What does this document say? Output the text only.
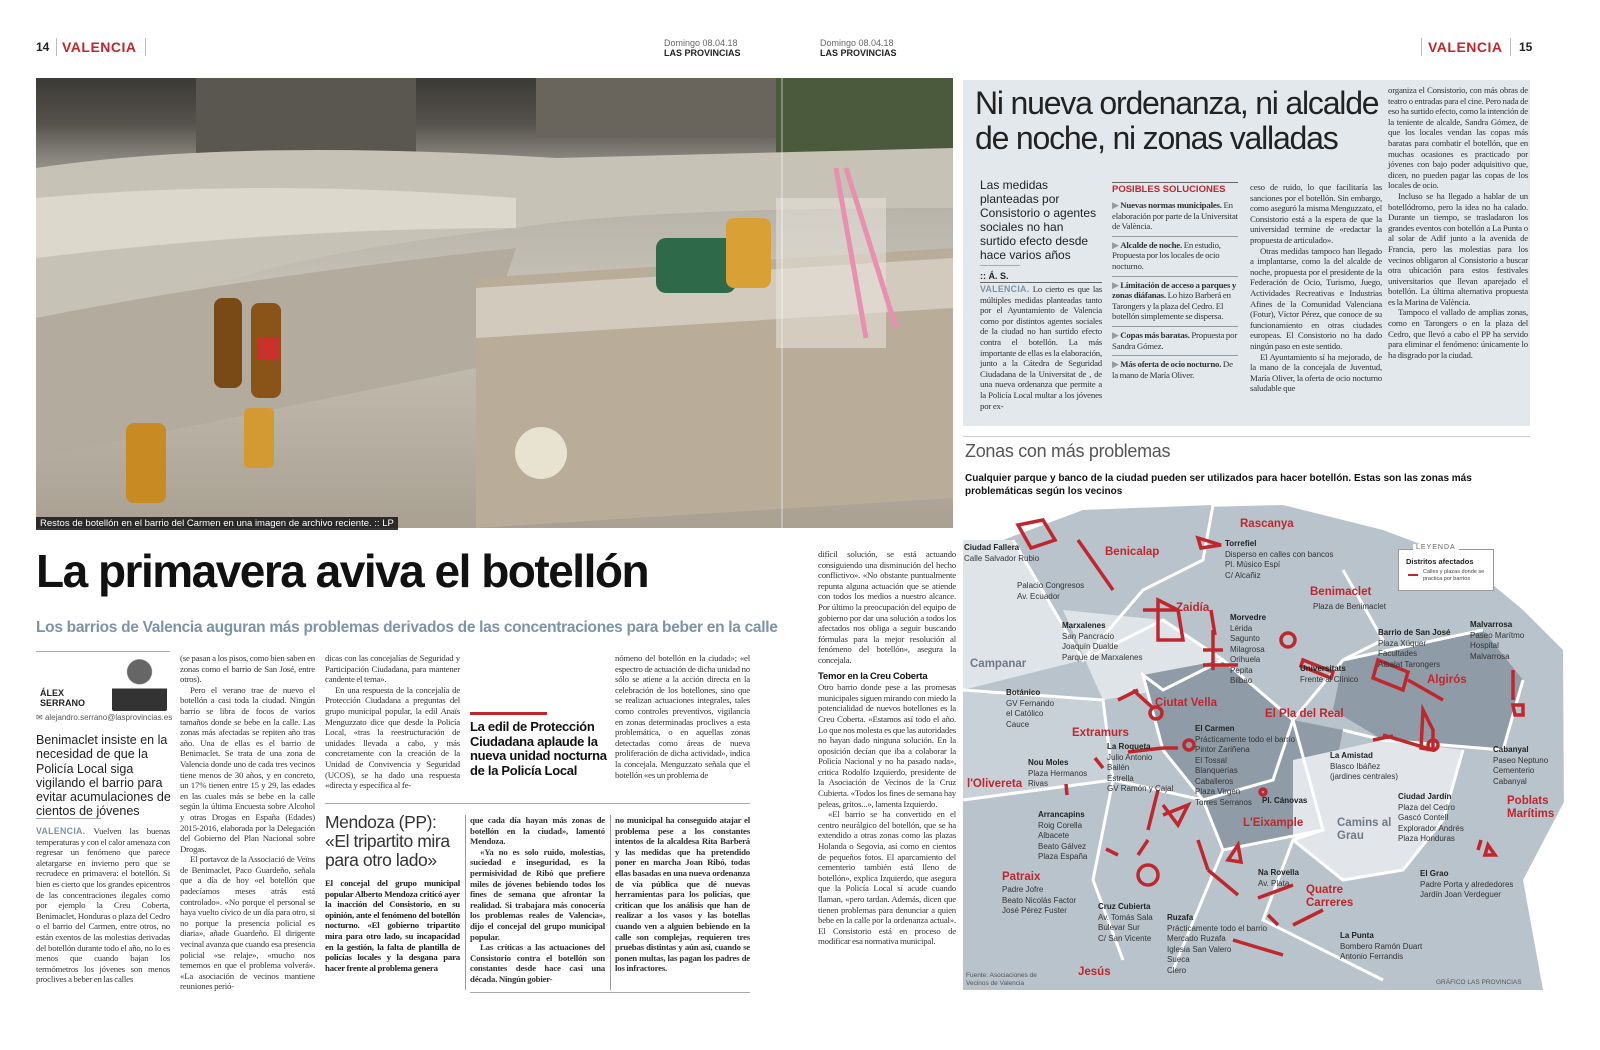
14 VALENCIA	Domingo 08.04.18
LAS PROVINCIAS
Domingo 08.04.18
LAS PROVINCIAS	VALENCIA 15
Restos de botellón en el barrio del Carmen en una imagen de archivo reciente. :: LP
La primavera aviva el botellón
Los barrios de Valencia auguran más problemas derivados de las concentraciones para beber en la calle
ÁLEX
SERRANO
✉ alejandro.serrano@lasprovincias.es
Benimaclet insiste en la necesidad de que la Policía Local siga vigilando el barrio para evitar acumulaciones de cientos de jóvenes

VALENCIA. Vuelven las buenas temperaturas y con el calor amenaza con regresar un fenómeno que parece aletargarse en invierno pero que se recrudece en primavera: el botellón. Si bien es cierto que los grandes epicentros de las concentraciones ilegales como por ejemplo la Creu Coberta, Benimaclet, Honduras o plaza del Cedro o el barrio del Carmen, entre otros, no están exentos de las molestias derivadas del botellón durante todo el año, no lo es menos que cuando bajan los termómetros los jóvenes son menos proclives a beber en las calles

(se pasan a los pisos, como bien saben en zonas como el barrio de San José, entre otros).

Pero el verano trae de nuevo el botellón a casi toda la ciudad. Ningún barrio se libra de focos de varios tamaños donde se bebe en la calle. Las zonas más afectadas se repiten año tras año. Una de ellas es el barrio de Benimaclet. Se trata de una zona de Valencia donde uno de cada tres vecinos tiene menos de 30 años, y en concreto, un 17% tienen entre 15 y 29, las edades en las cuales más se bebe en la calle según la última Encuesta sobre Alcohol y otras Drogas en España (Edades) 2015-2016, elaborada por la Delegación del Gobierno del Plan Nacional sobre Drogas.

El portavoz de la Associació de Veïns de Benimaclet, Paco Guardeño, señala que a día de hoy «el botellón que padecíamos meses atrás está controlado». «No porque el personal se haya vuelto cívico de un día para otro, si no porque la presencia policial es diaria», añade Guardeño. El dirigente vecinal avanza que cuando esa presencia policial «se relaje», «mucho nos tememos en que el problema volverá». «La asociación de vecinos mantiene reuniones perió-

dicas con las concejalías de Seguridad y Participación Ciudadana, para mantener candente el tema».

En una respuesta de la concejalía de Protección Ciudadana a preguntas del grupo municipal popular, la edil Anaïs Menguzzato dice que desde la Policía Local, «tras la reestructuración de unidades llevada a cabo, y más concretamente con la creación de la Unidad de Convivencia y Seguridad (UCOS), se ha dado una respuesta «directa y específica al fe-

La edil de Protección Ciudadana aplaude la nueva unidad nocturna de la Policía Local

nómeno del botellón en la ciudad»; «el espectro de actuación de dicha unidad no sólo se atiene a la acción directa en la celebración de los botellones, sino que se realizan actuaciones integrales, tales como controles preventivos, vigilancia en zonas determinadas proclives a esta problemática, o en aquellas zonas detectadas como áreas de nueva proliferación de dicha actividad», indica la concejala. Menguzzato señala que el botellón «es un problema de

Mendoza (PP): «El tripartito mira para otro lado»

El concejal del grupo municipal popular Alberto Mendoza criticó ayer la inacción del Consistorio, en su opinión, ante el fenómeno del botellón nocturno. «El gobierno tripartito mira para otro lado, su incapacidad en la gestión, la falta de plantilla de policías locales y la desgana para hacer frente al problema genera

que cada día hayan más zonas de botellón en la ciudad», lamentó Mendoza.

«Ya no es solo ruido, molestias, suciedad e inseguridad, es la permisividad de Ribó que prefiere miles de jóvenes bebiendo todos los fines de semana que afrontar la realidad. Si trabajara más conocería los problemas reales de Valencia», dijo el concejal del grupo municipal popular.

Las críticas a las actuaciones del Consistorio contra el botellón son constantes desde hace casi una década. Ningún gobier-

no municipal ha conseguido atajar el problema pese a los constantes intentos de la alcaldesa Rita Barberá y las medidas que ha pretendido poner en marcha Joan Ribó, todas ellas basadas en una nueva ordenanza de vía pública que dé nuevas herramientas para los policías, que critican que los análisis que han de realizar a los vasos y las botellas cuando ven a alguien bebiendo en la calle son complejas, requieren tres pruebas distintas y aún así, cuando se ponen multas, las pagan los padres de los infractores.

difícil solución, se está actuando consiguiendo una disminución del hecho conflictivo». «No obstante puntualmente repunta alguna actuación que se atiende con todos los medios a nuestro alcance. Por último la preocupación del equipo de gobierno por dar una solución a todos los afectados nos obliga a seguir buscando fórmulas para la mejor resolución al fenómeno del botellón», asegura la concejala.

Temor en la Creu Coberta

Otro barrio donde pese a las promesas municipales siguen mirando con miedo la potencialidad de nuevos botellones es la Creu Coberta. «Estamos así todo el año. Lo que nos molesta es que las autoridades no hayan dado ninguna solución. En la oposición decían que iba a colaborar la Policía Nacional y no ha pasado nada», critica Rodolfo Izquierdo, presidente de la Asociación de Vecinos de la Cruz Cubierta. «Todos los fines de semana hay peleas, gritos...», lamenta Izquierdo.

«El barrio se ha convertido en el centro neurálgico del botellón, que se ha extendido a otras zonas como las plazas Holanda o Segovia, así como en cientos de pequeños fotos. El aparcamiento del cementerio también está lleno de botellón», explica Izquierdo, que asegura que la Policía Local sí acude cuando llaman, «pero tardan. Además, dicen que tienen problemas para denunciar a quien bebe en la calle por la ordenanza actual». El Consistorio está en proceso de modificar esa normativa municipal.

Ni nueva ordenanza, ni alcalde de noche, ni zonas valladas
Las medidas planteadas por Consistorio o agentes sociales no han surtido efecto desde hace varios años
:: Á. S.

VALENCIA. Lo cierto es que las múltiples medidas planteadas tanto por el Ayuntamiento de Valencia como por distintos agentes sociales de la ciudad no han surtido efecto contra el botellón. La más importante de ellas es la elaboración, junto a la Cátedra de Seguridad Ciudadana de la Universitat de , de una nueva ordenanza que permite a la Policía Local multar a los jóvenes por ex-

POSIBLES SOLUCIONES
▶ Nuevas normas municipales. En elaboración por parte de la Universitat de València.
▶ Alcalde de noche. En estudio, Propuesta por los locales de ocio nocturno.
▶ Limitación de acceso a parques y zonas diáfanas. Lo hizo Barberá en Tarongers y la plaza del Cedro. El botellón simplemente se dispersa.
▶ Copas más baratas. Propuesta por Sandra Gómez.
▶ Más oferta de ocio nocturno. De la mano de María Oliver.

ceso de ruido, lo que facilitaría las sanciones por el botellón. Sin embargo, como aseguró la misma Menguzzato, el Consistorio está a la espera de que la universidad termine de «redactar la propuesta de articulado».

Otras medidas tampoco han llegado a implantarse, como la del alcalde de noche, propuesta por el presidente de la Federación de Ocio, Turismo, Juego, Actividades Recreativas e Industrias Afines de la Comunidad Valenciana (Fotur), Víctor Pérez, que conoce de su funcionamiento en otras ciudades europeas. El Consistorio no ha dado ningún paso en este sentido.

El Ayuntamiento sí ha mejorado, de la mano de la concejala de Juventud, María Oliver, la oferta de ocio nocturno saludable que

organiza el Consistorio, con más obras de teatro o entradas para el cine. Pero nada de eso ha surtido efecto, como la intención de la teniente de alcalde, Sandra Gómez, de que los locales vendan las copas más baratas para combatir el botellón, que en muchas ocasiones es practicado por jóvenes con bajo poder adquisitivo que, dicen, no pueden pagar las copas de los locales de ocio.

Incluso se ha llegado a hablar de un botellódromo, pero la idea no ha calado. Durante un tiempo, se trasladaron los grandes eventos con botellón a La Punta o al solar de Adif junto a la avenida de Francia, pero las molestias para los vecinos obligaron al Consistorio a buscar otra ubicación para estos festivales universitarios que llevan aparejado el botellón. La última alternativa propuesta es la Marina de València.

Tampoco el vallado de amplias zonas, como en Tarongers o en la plaza del Cedro, que llevó a cabo el PP ha servido para eliminar el fenómeno: únicamente lo ha disgrado por la ciudad.

Zonas con más problemas
Cualquier parque y banco de la ciudad pueden ser utilizados para hacer botellón. Estas son las zonas más problemáticas según los vecinos
Benicalap
Rascanya
Benimaclet
Zaidía
Campanar
Algirós
Ciutat Vella
El Pla del Real
Extramurs
l'Olivereta
Poblats Marítims
L'Eixample	Camins al Grau
Patraix
Quatre Carreres
Jesús
Ciudad Fallera
Calle Salvador Rubio

Palacio Congresos
Av. Ecuador

Torrefiel
Disperso en calles con bancos
Pl. Músico Espí
C/ Alcañiz

Plaza de Benimaclet

Marxalenes
San Pancracio
Joaquín Dualde
Parque de Marxalenes

Morvedre
Lérida
Sagunto
Milagrosa
Orihuela
Pepita
Bilbao

Universitats
Frente al Clínico

Barrio de San José
Plaza Xúquer
Facultades
Albalat Tarongers

Malvarrosa
Paseo Marítmo
Hospital
Malvarrosa

Botánico
GV Fernando
el Católico
Cauce

La Roqueta
Julio Antonio
Bailén
Estrella
GV Ramón y Cajal

El Carmen
Prácticamente todo el barrio
Pintor Zariñena
El Tossal
Blanquerías
Caballeros
Plaza Virgen
Torres Serranos

La Amistad
Blasco Ibáñez
(jardines centrales)

Cabanyal
Paseo Neptuno
Cementerio
Cabanyal

Nou Moles
Plaza Hermanos
Rivas

Pl. Cánovas	Ciudad Jardín
Plaza del Cedro
Gascó Contell
Explorador Andrés
Plaza Honduras

Arrancapins
Roig Corella
Albacete
Beato Gálvez
Plaza España

Padre Jofre
Beato Nicolás Factor
José Pérez Fuster

Na Rovella
Av. Plata

El Grao
Padre Porta y alrededores
Jardín Joan Verdeguer

Cruz Cubierta
Av. Tomás Sala
Bulevar Sur
C/ San Vicente

Ruzafa
Prácticamente todo el barrio
Mercado Ruzafa
Iglesia San Valero
Sueca
Clero

La Punta
Bombero Ramón Duart
Antonio Ferrandis

LEYENDA
Distritos afectados
Calles y plazas donde se practica por barrios
Fuente: Asociaciones de Vecinos de Valencia	GRÁFICO LAS PROVINCIAS
